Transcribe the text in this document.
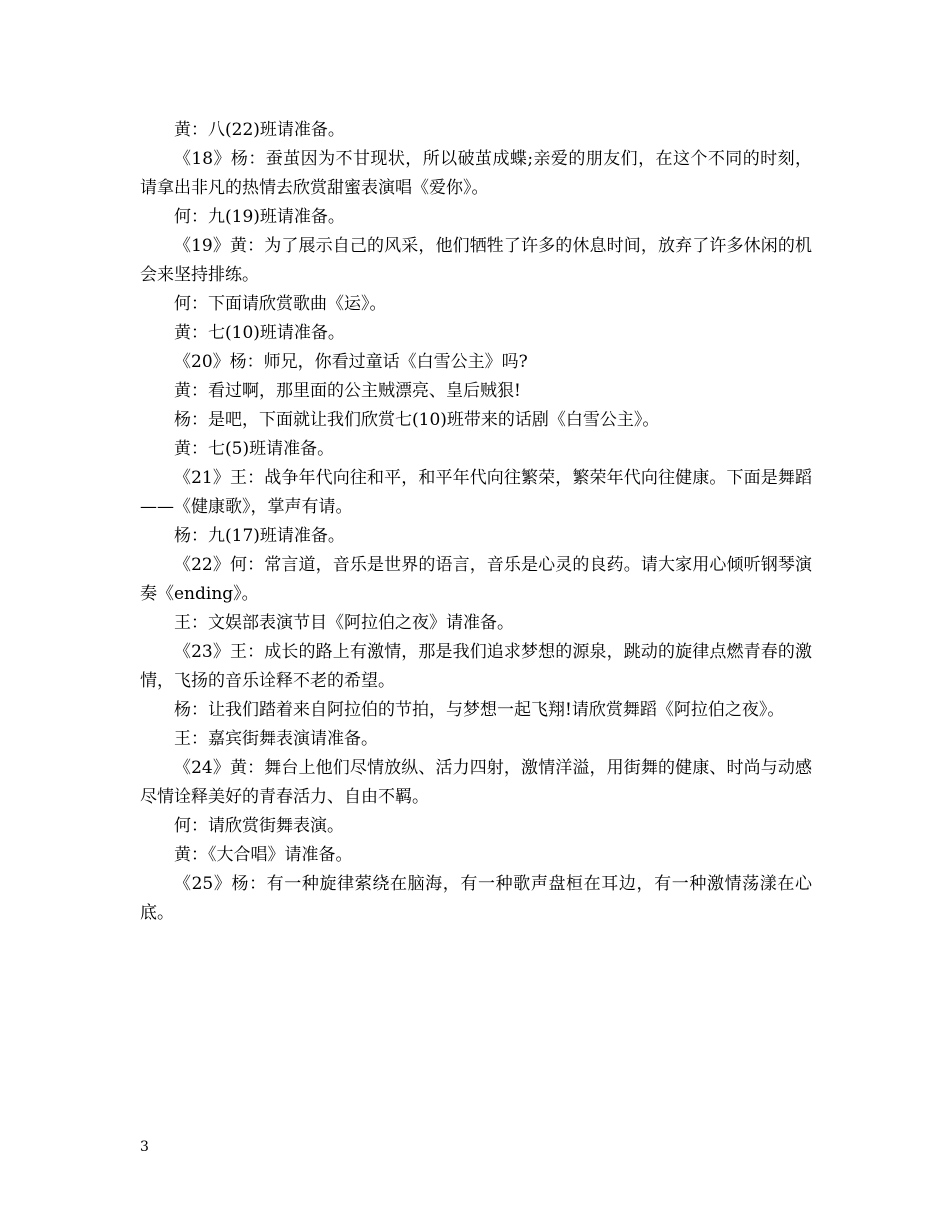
黄：八(22)班请准备。

《18》杨：蚕茧因为不甘现状，所以破茧成蝶;亲爱的朋友们，在这个不同的时刻，请拿出非凡的热情去欣赏甜蜜表演唱《爱你》。

何：九(19)班请准备。

《19》黄：为了展示自己的风采，他们牺牲了许多的休息时间，放弃了许多休闲的机会来坚持排练。

何：下面请欣赏歌曲《运》。

黄：七(10)班请准备。

《20》杨：师兄，你看过童话《白雪公主》吗?

黄：看过啊，那里面的公主贼漂亮、皇后贼狠!

杨：是吧，下面就让我们欣赏七(10)班带来的话剧《白雪公主》。

黄：七(5)班请准备。

《21》王：战争年代向往和平，和平年代向往繁荣，繁荣年代向往健康。下面是舞蹈——《健康歌》，掌声有请。

杨：九(17)班请准备。

《22》何：常言道，音乐是世界的语言，音乐是心灵的良药。请大家用心倾听钢琴演奏《ending》。

王：文娱部表演节目《阿拉伯之夜》请准备。

《23》王：成长的路上有激情，那是我们追求梦想的源泉，跳动的旋律点燃青春的激情，飞扬的音乐诠释不老的希望。

杨：让我们踏着来自阿拉伯的节拍，与梦想一起飞翔!请欣赏舞蹈《阿拉伯之夜》。

王：嘉宾街舞表演请准备。

《24》黄：舞台上他们尽情放纵、活力四射，激情洋溢，用街舞的健康、时尚与动感尽情诠释美好的青春活力、自由不羁。

何：请欣赏街舞表演。

黄：《大合唱》请准备。

《25》杨：有一种旋律萦绕在脑海，有一种歌声盘桓在耳边，有一种激情荡漾在心底。

3
